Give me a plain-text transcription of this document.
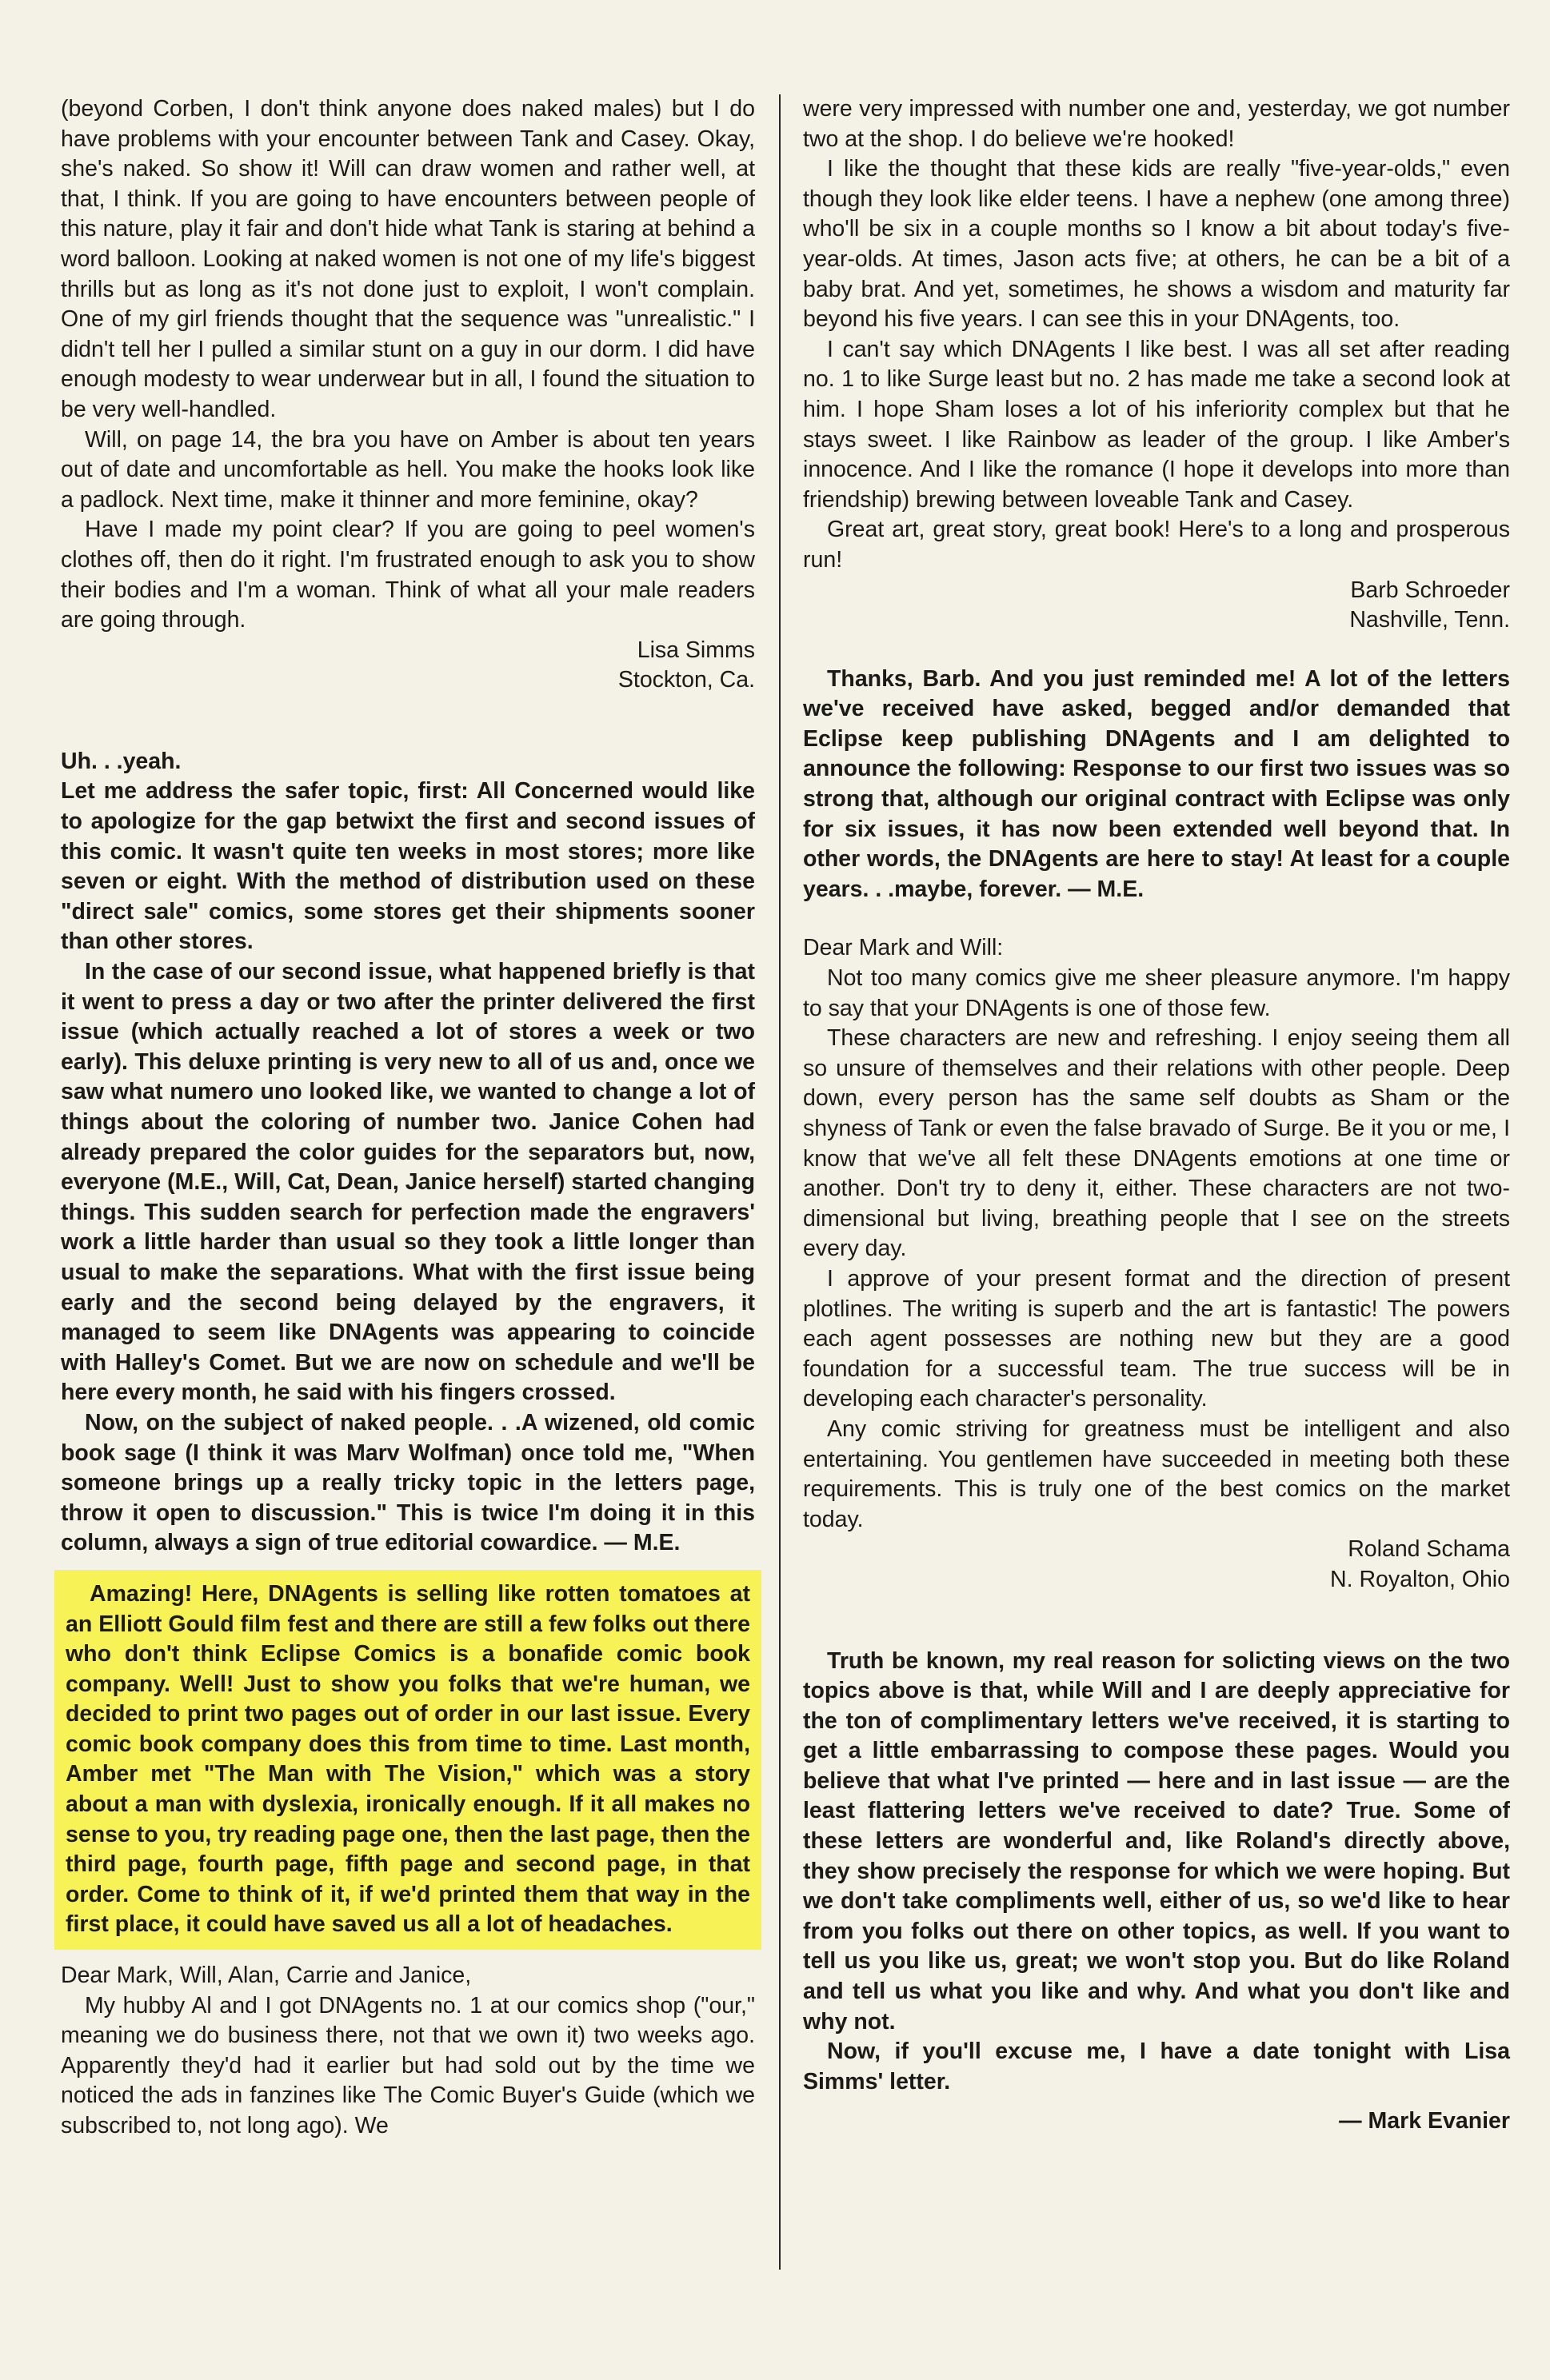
(beyond Corben, I don't think anyone does naked males) but I do have problems with your encounter between Tank and Casey. Okay, she's naked. So show it! Will can draw women and rather well, at that, I think. If you are going to have encounters between people of this nature, play it fair and don't hide what Tank is staring at behind a word balloon. Looking at naked women is not one of my life's biggest thrills but as long as it's not done just to exploit, I won't complain. One of my girl friends thought that the sequence was "unrealistic." I didn't tell her I pulled a similar stunt on a guy in our dorm. I did have enough modesty to wear underwear but in all, I found the situation to be very well-handled.

Will, on page 14, the bra you have on Amber is about ten years out of date and uncomfortable as hell. You make the hooks look like a padlock. Next time, make it thinner and more feminine, okay?

Have I made my point clear? If you are going to peel women's clothes off, then do it right. I'm frustrated enough to ask you to show their bodies and I'm a woman. Think of what all your male readers are going through.

Lisa Simms

Stockton, Ca.

Uh. . .yeah.

Let me address the safer topic, first: All Concerned would like to apologize for the gap betwixt the first and second issues of this comic. It wasn't quite ten weeks in most stores; more like seven or eight. With the method of distribution used on these "direct sale" comics, some stores get their shipments sooner than other stores.

In the case of our second issue, what happened briefly is that it went to press a day or two after the printer delivered the first issue (which actually reached a lot of stores a week or two early). This deluxe printing is very new to all of us and, once we saw what numero uno looked like, we wanted to change a lot of things about the coloring of number two. Janice Cohen had already prepared the color guides for the separators but, now, everyone (M.E., Will, Cat, Dean, Janice herself) started changing things. This sudden search for perfection made the engravers' work a little harder than usual so they took a little longer than usual to make the separations. What with the first issue being early and the second being delayed by the engravers, it managed to seem like DNAgents was appearing to coincide with Halley's Comet. But we are now on schedule and we'll be here every month, he said with his fingers crossed.

Now, on the subject of naked people. . .A wizened, old comic book sage (I think it was Marv Wolfman) once told me, "When someone brings up a really tricky topic in the letters page, throw it open to discussion." This is twice I'm doing it in this column, always a sign of true editorial cowardice. — M.E.

Amazing! Here, DNAgents is selling like rotten tomatoes at an Elliott Gould film fest and there are still a few folks out there who don't think Eclipse Comics is a bonafide comic book company. Well! Just to show you folks that we're human, we decided to print two pages out of order in our last issue. Every comic book company does this from time to time. Last month, Amber met "The Man with The Vision," which was a story about a man with dyslexia, ironically enough. If it all makes no sense to you, try reading page one, then the last page, then the third page, fourth page, fifth page and second page, in that order. Come to think of it, if we'd printed them that way in the first place, it could have saved us all a lot of headaches.

Dear Mark, Will, Alan, Carrie and Janice,

My hubby Al and I got DNAgents no. 1 at our comics shop ("our," meaning we do business there, not that we own it) two weeks ago. Apparently they'd had it earlier but had sold out by the time we noticed the ads in fanzines like The Comic Buyer's Guide (which we subscribed to, not long ago). We

were very impressed with number one and, yesterday, we got number two at the shop. I do believe we're hooked!

I like the thought that these kids are really "five-year-olds," even though they look like elder teens. I have a nephew (one among three) who'll be six in a couple months so I know a bit about today's five-year-olds. At times, Jason acts five; at others, he can be a bit of a baby brat. And yet, sometimes, he shows a wisdom and maturity far beyond his five years. I can see this in your DNAgents, too.

I can't say which DNAgents I like best. I was all set after reading no. 1 to like Surge least but no. 2 has made me take a second look at him. I hope Sham loses a lot of his inferiority complex but that he stays sweet. I like Rainbow as leader of the group. I like Amber's innocence. And I like the romance (I hope it develops into more than friendship) brewing between loveable Tank and Casey.

Great art, great story, great book! Here's to a long and prosperous run!

Barb Schroeder

Nashville, Tenn.

Thanks, Barb. And you just reminded me! A lot of the letters we've received have asked, begged and/or demanded that Eclipse keep publishing DNAgents and I am delighted to announce the following: Response to our first two issues was so strong that, although our original contract with Eclipse was only for six issues, it has now been extended well beyond that. In other words, the DNAgents are here to stay! At least for a couple years. . .maybe, forever. — M.E.

Dear Mark and Will:

Not too many comics give me sheer pleasure anymore. I'm happy to say that your DNAgents is one of those few.

These characters are new and refreshing. I enjoy seeing them all so unsure of themselves and their relations with other people. Deep down, every person has the same self doubts as Sham or the shyness of Tank or even the false bravado of Surge. Be it you or me, I know that we've all felt these DNAgents emotions at one time or another. Don't try to deny it, either. These characters are not two-dimensional but living, breathing people that I see on the streets every day.

I approve of your present format and the direction of present plotlines. The writing is superb and the art is fantastic! The powers each agent possesses are nothing new but they are a good foundation for a successful team. The true success will be in developing each character's personality.

Any comic striving for greatness must be intelligent and also entertaining. You gentlemen have succeeded in meeting both these requirements. This is truly one of the best comics on the market today.

Roland Schama

N. Royalton, Ohio

Truth be known, my real reason for solicting views on the two topics above is that, while Will and I are deeply appreciative for the ton of complimentary letters we've received, it is starting to get a little embarrassing to compose these pages. Would you believe that what I've printed — here and in last issue — are the least flattering letters we've received to date? True. Some of these letters are wonderful and, like Roland's directly above, they show precisely the response for which we were hoping. But we don't take compliments well, either of us, so we'd like to hear from you folks out there on other topics, as well. If you want to tell us you like us, great; we won't stop you. But do like Roland and tell us what you like and why. And what you don't like and why not.

Now, if you'll excuse me, I have a date tonight with Lisa Simms' letter.

— Mark Evanier
